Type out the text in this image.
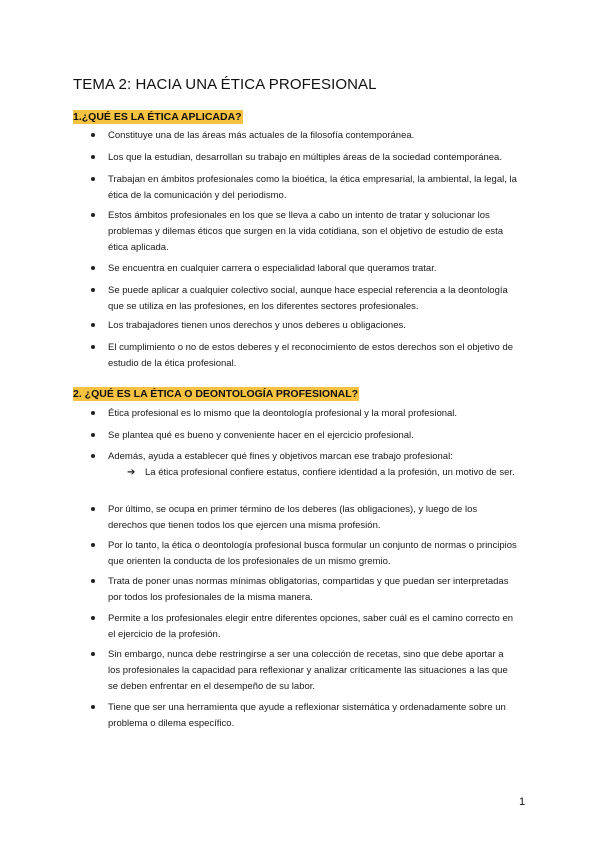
TEMA 2: HACIA UNA ÉTICA PROFESIONAL
1.¿QUÉ ES LA ÉTICA APLICADA?
Constituye una de las áreas más actuales de la filosofía contemporánea.
Los que la estudian, desarrollan su trabajo en múltiples áreas de la sociedad contemporánea.
Trabajan en ámbitos profesionales como la bioética, la ética empresarial, la ambiental, la legal, la ética de la comunicación y del periodismo.
Estos ámbitos profesionales en los que se lleva a cabo un intento de tratar y solucionar los problemas y dilemas éticos que surgen en la vida cotidiana, son el objetivo de estudio de esta ética aplicada.
Se encuentra en cualquier carrera o especialidad laboral que queramos tratar.
Se puede aplicar a cualquier colectivo social, aunque hace especial referencia a la deontología que se utiliza en las profesiones, en los diferentes sectores profesionales.
Los trabajadores tienen unos derechos y unos deberes u obligaciones.
El cumplimiento o no de estos deberes y el reconocimiento de estos derechos son el objetivo de estudio de la ética profesional.
2. ¿QUÉ ES LA ÉTICA O DEONTOLOGÍA PROFESIONAL?
Ética profesional es lo mismo que la deontología profesional y la moral profesional.
Se plantea qué es bueno y conveniente hacer en el ejercicio profesional.
Además, ayuda a establecer qué fines y objetivos marcan ese trabajo profesional:
➔ La ética profesional confiere estatus, confiere identidad a la profesión, un motivo de ser.
Por último, se ocupa en primer término de los deberes (las obligaciones), y luego de los derechos que tienen todos los que ejercen una misma profesión.
Por lo tanto, la ética o deontología profesional busca formular un conjunto de normas o principios que orienten la conducta de los profesionales de un mismo gremio.
Trata de poner unas normas mínimas obligatorias, compartidas y que puedan ser interpretadas por todos los profesionales de la misma manera.
Permite a los profesionales elegir entre diferentes opciones, saber cuál es el camino correcto en el ejercicio de la profesión.
Sin embargo, nunca debe restringirse a ser una colección de recetas, sino que debe aportar a los profesionales la capacidad para reflexionar y analizar críticamente las situaciones a las que se deben enfrentar en el desempeño de su labor.
Tiene que ser una herramienta que ayude a reflexionar sistemática y ordenadamente sobre un problema o dilema específico.
1
